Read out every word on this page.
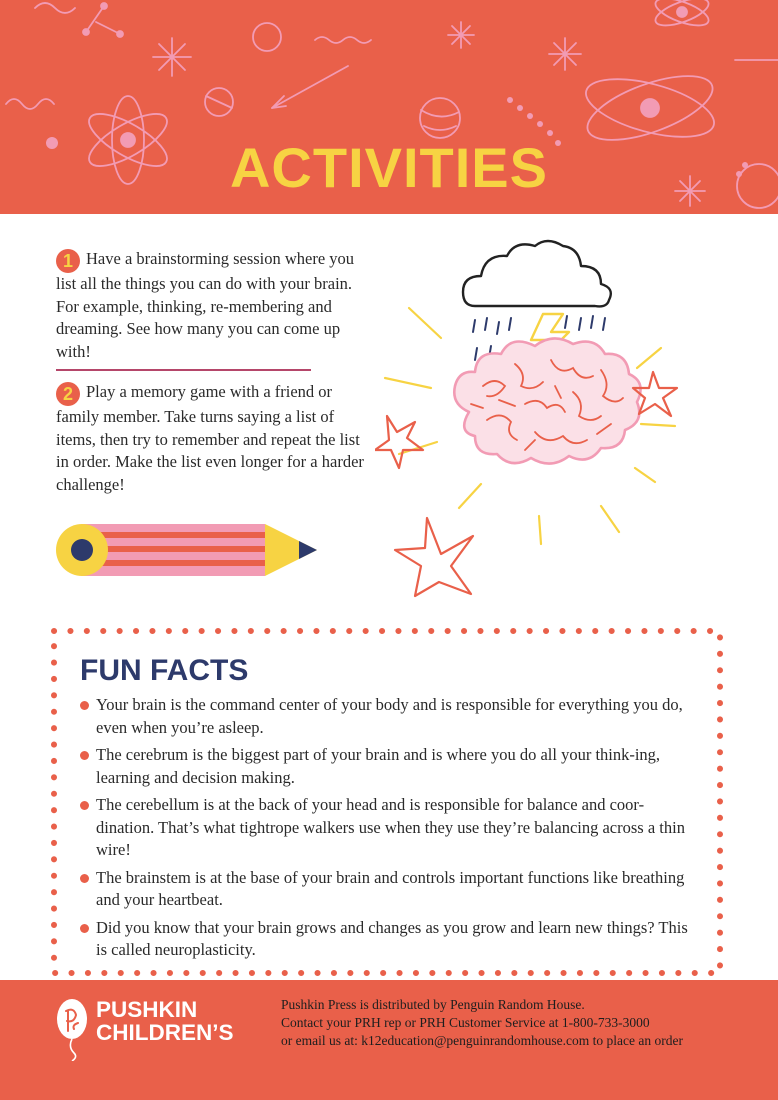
ACTIVITIES

1 Have a brainstorming session where you list all the things you can do with your brain. For example, thinking, re-membering and dreaming. See how many you can come up with!

2 Play a memory game with a friend or family member. Take turns saying a list of items, then try to remember and repeat the list in order. Make the list even longer for a harder challenge!

FUN FACTS
Your brain is the command center of your body and is responsible for everything you do, even when you’re asleep.
The cerebrum is the biggest part of your brain and is where you do all your think-ing, learning and decision making.
The cerebellum is at the back of your head and is responsible for balance and coor-dination. That’s what tightrope walkers use when they use they’re balancing across a thin wire!
The brainstem is at the base of your brain and controls important functions like breathing and your heartbeat.
Did you know that your brain grows and changes as you grow and learn new things? This is called neuroplasticity.

PUSHKIN
CHILDREN’S

Pushkin Press is distributed by Penguin Random House.
Contact your PRH rep or PRH Customer Service at 1-800-733-3000
or email us at: k12education@penguinrandomhouse.com to place an order
